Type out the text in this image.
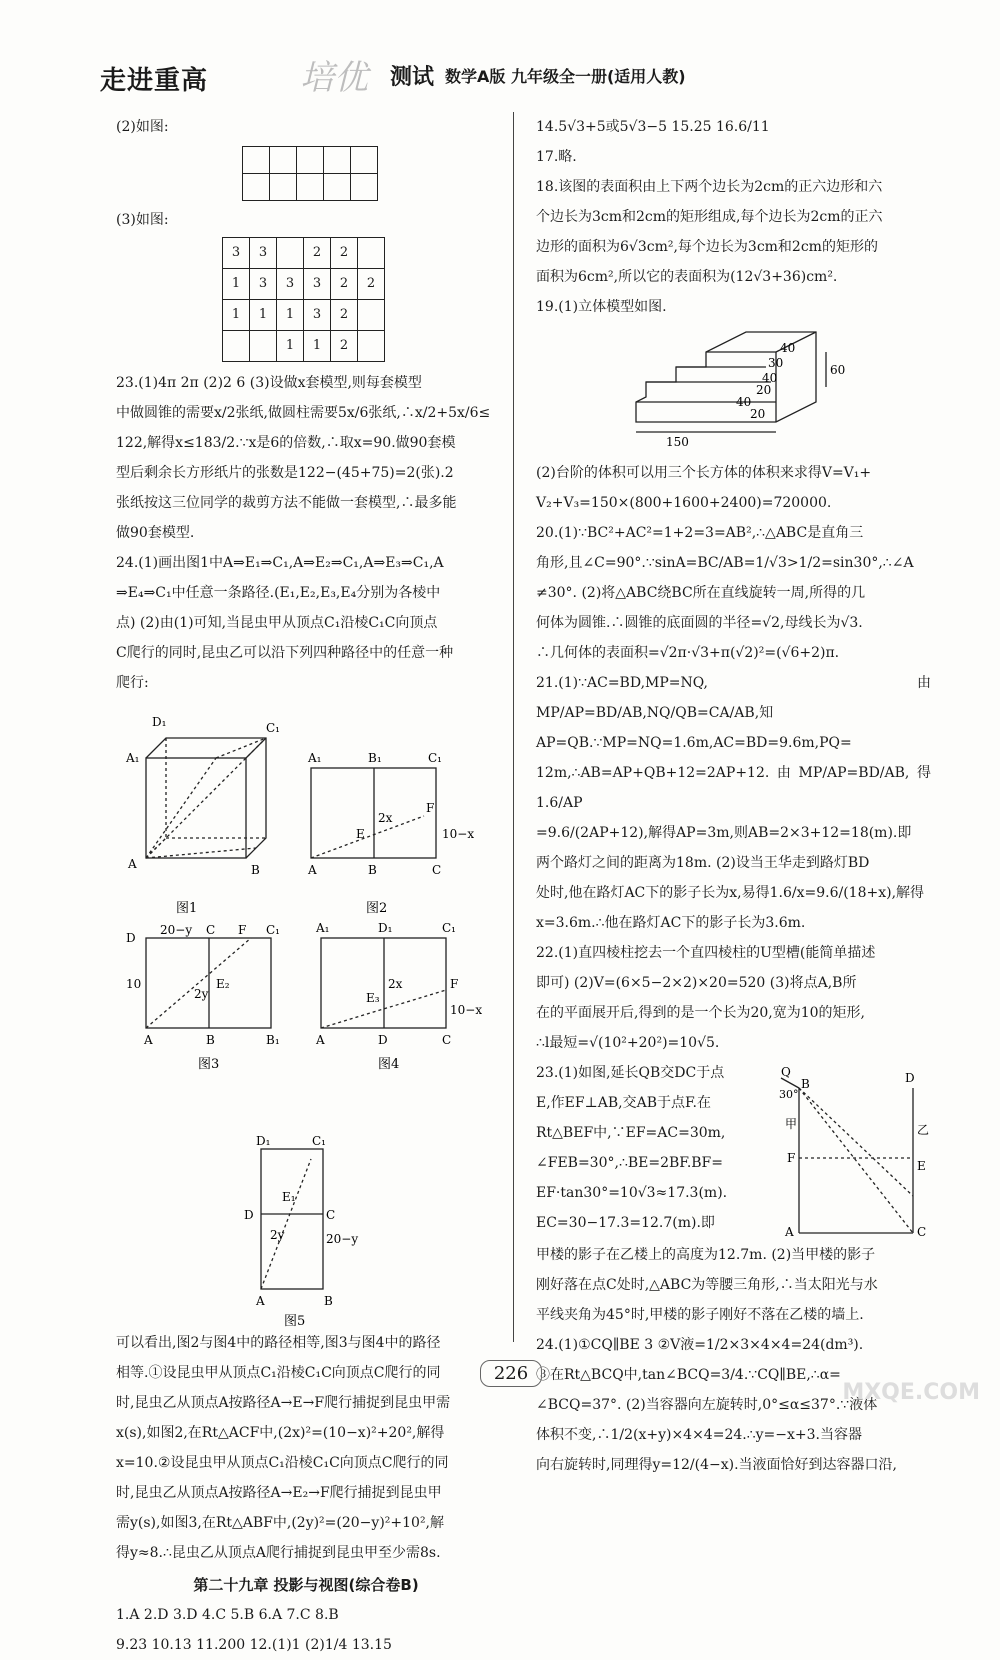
走进重高	培优 测试 数学A版 九年级全一册(适用人教)

(2)如图:

(3)如图:

3	3		2	2	
1	3	3	3	2	2
1	1	1	3	2	
		1	1	2	

23.(1)4π 2π (2)2 6 (3)设做x套模型,则每套模型

中做圆锥的需要x/2张纸,做圆柱需要5x/6张纸,∴x/2+5x/6≤

122,解得x≤183/2.∵x是6的倍数,∴取x=90.做90套模

型后剩余长方形纸片的张数是122−(45+75)=2(张).2

张纸按这三位同学的裁剪方法不能做一套模型,∴最多能

做90套模型.

24.(1)画出图1中A⇒E₁⇒C₁,A⇒E₂⇒C₁,A⇒E₃⇒C₁,A

⇒E₄⇒C₁中任意一条路径.(E₁,E₂,E₃,E₄分别为各棱中

点) (2)由(1)可知,当昆虫甲从顶点C₁沿棱C₁C向顶点

C爬行的同时,昆虫乙可以沿下列四种路径中的任意一种

爬行:

D₁	C₁
A₁
B
A
图1
A₁	B₁	C₁
A	B	C
2x
E
F
10−x
图2
D
20−y C F C₁
10
2y
E₂
A	B	B₁
图3
A₁	D₁	C₁
2x
E₃
F
10−x
A	D	C
图4

D₁	C₁
D	C
E₁
2y	20−y
A	B
图5

可以看出,图2与图4中的路径相等,图3与图4中的路径

相等.①设昆虫甲从顶点C₁沿棱C₁C向顶点C爬行的同

时,昆虫乙从顶点A按路径A→E→F爬行捕捉到昆虫甲需

x(s),如图2,在Rt△ACF中,(2x)²=(10−x)²+20²,解得

x=10.②设昆虫甲从顶点C₁沿棱C₁C向顶点C爬行的同

时,昆虫乙从顶点A按路径A→E₂→F爬行捕捉到昆虫甲

需y(s),如图3,在Rt△ABF中,(2y)²=(20−y)²+10²,解

得y≈8.∴昆虫乙从顶点A爬行捕捉到昆虫甲至少需8s.

第二十九章 投影与视图(综合卷B)

1.A 2.D 3.D 4.C 5.B 6.A 7.C 8.B

9.23 10.13 11.200 12.(1)1 (2)1/4 13.15

14.5√3+5或5√3−5 15.25 16.6/11

17.略.

18.该图的表面积由上下两个边长为2cm的正六边形和六

个边长为3cm和2cm的矩形组成,每个边长为2cm的正六

边形的面积为6√3cm²,每个边长为3cm和2cm的矩形的

面积为6cm²,所以它的表面积为(12√3+36)cm².

19.(1)立体模型如图.

40
30
40
20
40
20
60
150

(2)台阶的体积可以用三个长方体的体积来求得V=V₁+

V₂+V₃=150×(800+1600+2400)=720000.

20.(1)∵BC²+AC²=1+2=3=AB²,∴△ABC是直角三

角形,且∠C=90°.∵sinA=BC/AB=1/√3>1/2=sin30°,∴∠A

≠30°. (2)将△ABC绕BC所在直线旋转一周,所得的几

何体为圆锥.∴圆锥的底面圆的半径=√2,母线长为√3.

∴几何体的表面积=√2π·√3+π(√2)²=(√6+2)π.

21.(1)∵AC=BD,MP=NQ,由MP/AP=BD/AB,NQ/QB=CA/AB,知

AP=QB.∵MP=NQ=1.6m,AC=BD=9.6m,PQ=

12m,∴AB=AP+QB+12=2AP+12.由MP/AP=BD/AB,得1.6/AP

=9.6/(2AP+12),解得AP=3m,则AB=2×3+12=18(m).即

两个路灯之间的距离为18m. (2)设当王华走到路灯BD

处时,他在路灯AC下的影子长为x,易得1.6/x=9.6/(18+x),解得

x=3.6m.∴他在路灯AC下的影子长为3.6m.

22.(1)直四棱柱挖去一个直四棱柱的U型槽(能简单描述

即可) (2)V=(6×5−2×2)×20=520 (3)将点A,B所

在的平面展开后,得到的是一个长为20,宽为10的矩形,

∴l最短=√(10²+20²)=10√5.

23.(1)如图,延长QB交DC于点

E,作EF⊥AB,交AB于点F.在

Rt△BEF中,∵EF=AC=30m,

∠FEB=30°,∴BE=2BF.BF=

EF·tan30°=10√3≈17.3(m).

EC=30−17.3=12.7(m).即

Q
B
30°
D
甲	乙
F
E
A	C

甲楼的影子在乙楼上的高度为12.7m. (2)当甲楼的影子

刚好落在点C处时,△ABC为等腰三角形,∴当太阳光与水

平线夹角为45°时,甲楼的影子刚好不落在乙楼的墙上.

24.(1)①CQ∥BE 3 ②V液=1/2×3×4×4=24(dm³).

③在Rt△BCQ中,tan∠BCQ=3/4.∵CQ∥BE,∴α=

∠BCQ=37°. (2)当容器向左旋转时,0°≤α≤37°.∵液体

体积不变,∴1/2(x+y)×4×4=24.∴y=−x+3.当容器

向右旋转时,同理得y=12/(4−x).当液面恰好到达容器口沿,

226
MXQE.COM
